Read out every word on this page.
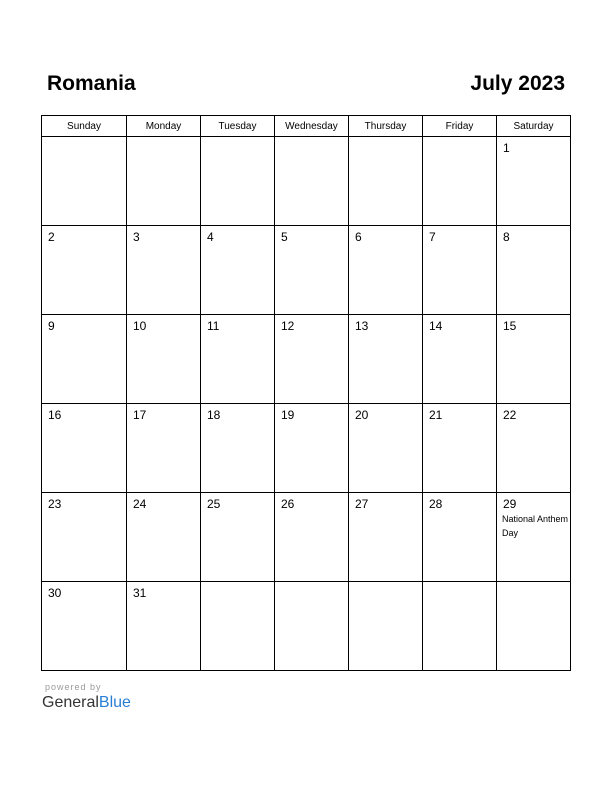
Romania	July 2023
Sunday	Monday	Tuesday	Wednesday	Thursday	Friday	Saturday

						1

2	3	4	5	6	7	8

9	10	11	12	13	14	15

16	17	18	19	20	21	22

23	24	25	26	27	28	29
National Anthem Day

30	31					

powered by
GeneralBlue
